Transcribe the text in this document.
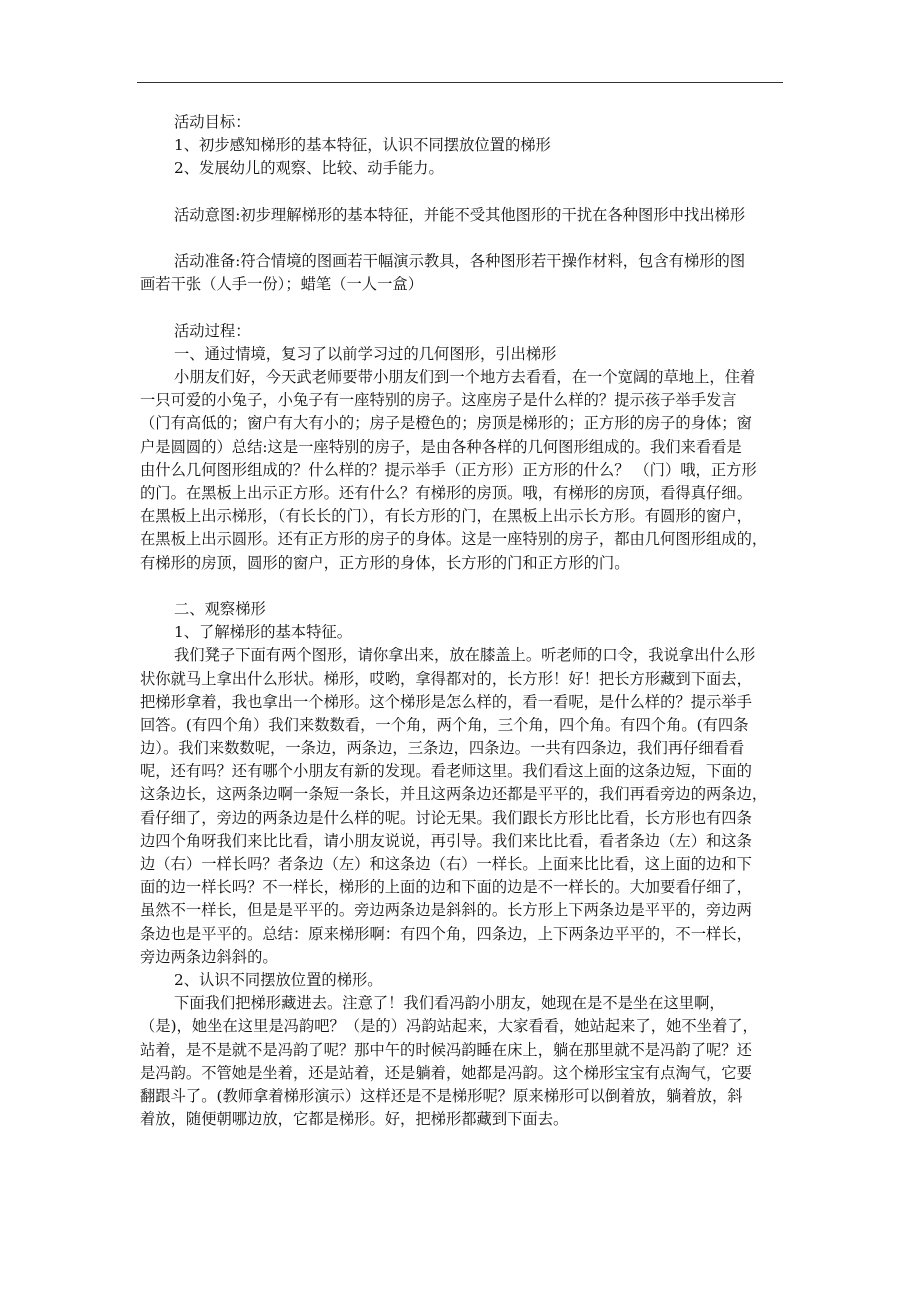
活动目标：
1、初步感知梯形的基本特征，认识不同摆放位置的梯形
2、发展幼儿的观察、比较、动手能力。
活动意图:初步理解梯形的基本特征，并能不受其他图形的干扰在各种图形中找出梯形
活动准备:符合情境的图画若干幅演示教具，各种图形若干操作材料，包含有梯形的图
画若干张（人手一份）；蜡笔（一人一盒）
活动过程：
一、通过情境，复习了以前学习过的几何图形，引出梯形
小朋友们好，今天武老师要带小朋友们到一个地方去看看，在一个宽阔的草地上，住着
一只可爱的小兔子，小兔子有一座特别的房子。这座房子是什么样的？提示孩子举手发言
（门有高低的；窗户有大有小的；房子是橙色的；房顶是梯形的；正方形的房子的身体；窗
户是圆圆的）总结:这是一座特别的房子，是由各种各样的几何图形组成的。我们来看看是
由什么几何图形组成的？什么样的？提示举手（正方形）正方形的什么？ （门）哦，正方形
的门。在黑板上出示正方形。还有什么？有梯形的房顶。哦，有梯形的房顶，看得真仔细。
在黑板上出示梯形，（有长长的门），有长方形的门，在黑板上出示长方形。有圆形的窗户，
在黑板上出示圆形。还有正方形的房子的身体。这是一座特别的房子，都由几何图形组成的，
有梯形的房顶，圆形的窗户，正方形的身体，长方形的门和正方形的门。
二、观察梯形
1、了解梯形的基本特征。
我们凳子下面有两个图形，请你拿出来，放在膝盖上。听老师的口令，我说拿出什么形
状你就马上拿出什么形状。梯形，哎哟，拿得都对的，长方形！好！把长方形藏到下面去，
把梯形拿着，我也拿出一个梯形。这个梯形是怎么样的，看一看呢，是什么样的？提示举手
回答。(有四个角）我们来数数看，一个角，两个角，三个角，四个角。有四个角。(有四条
边）。我们来数数呢，一条边，两条边，三条边，四条边。一共有四条边，我们再仔细看看
呢，还有吗？还有哪个小朋友有新的发现。看老师这里。我们看这上面的这条边短，下面的
这条边长，这两条边啊一条短一条长，并且这两条边还都是平平的，我们再看旁边的两条边，
看仔细了，旁边的两条边是什么样的呢。讨论无果。我们跟长方形比比看，长方形也有四条
边四个角呀我们来比比看，请小朋友说说，再引导。我们来比比看，看者条边（左）和这条
边（右）一样长吗？者条边（左）和这条边（右）一样长。上面来比比看，这上面的边和下
面的边一样长吗？不一样长，梯形的上面的边和下面的边是不一样长的。大加要看仔细了，
虽然不一样长，但是是平平的。旁边两条边是斜斜的。长方形上下两条边是平平的，旁边两
条边也是平平的。总结：原来梯形啊：有四个角，四条边，上下两条边平平的，不一样长，
旁边两条边斜斜的。
2、认识不同摆放位置的梯形。
下面我们把梯形藏进去。注意了！我们看冯韵小朋友，她现在是不是坐在这里啊，
（是)，她坐在这里是冯韵吧？（是的）冯韵站起来，大家看看，她站起来了，她不坐着了，
站着，是不是就不是冯韵了呢？那中午的时候冯韵睡在床上，躺在那里就不是冯韵了呢？还
是冯韵。不管她是坐着，还是站着，还是躺着，她都是冯韵。这个梯形宝宝有点淘气，它要
翻跟斗了。(教师拿着梯形演示）这样还是不是梯形呢？原来梯形可以倒着放，躺着放，斜
着放，随便朝哪边放，它都是梯形。好，把梯形都藏到下面去。
